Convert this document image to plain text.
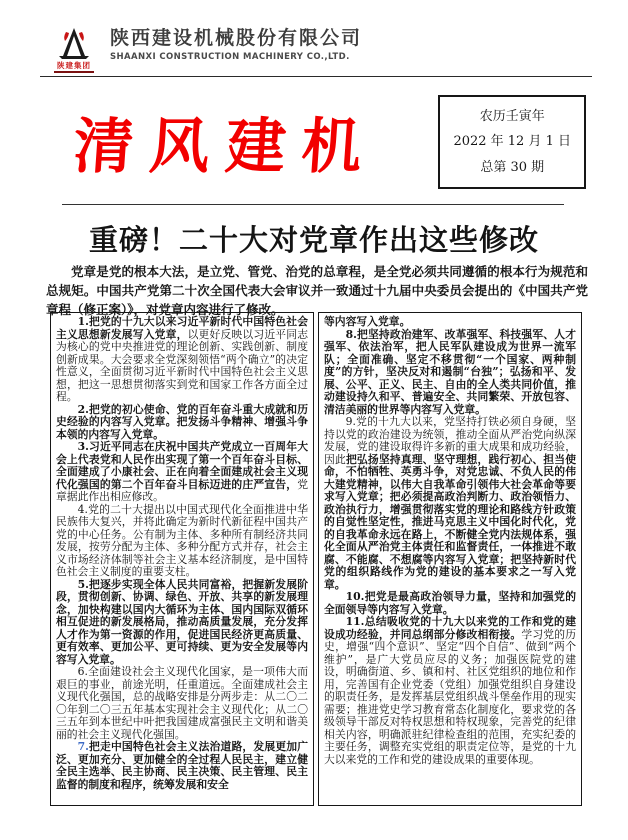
陕建集团
陕西建设机械股份有限公司
SHAANXI CONSTRUCTION MACHINERY CO.,LTD.
清风建机	农历壬寅年
2022 年 12 月 1 日
总第 30 期
重磅！二十大对党章作出这些修改
党章是党的根本大法，是立党、管党、治党的总章程，是全党必须共同遵循的根本行为规范和总规矩。中国共产党第二十次全国代表大会审议并一致通过十九届中央委员会提出的《中国共产党章程（修正案）》，对党章内容进行了修改。

1.把党的十九大以来习近平新时代中国特色社会主义思想新发展写入党章，以更好反映以习近平同志为核心的党中央推进党的理论创新、实践创新、制度创新成果。大会要求全党深刻领悟“两个确立”的决定性意义，全面贯彻习近平新时代中国特色社会主义思想，把这一思想贯彻落实到党和国家工作各方面全过程。

2.把党的初心使命、党的百年奋斗重大成就和历史经验的内容写入党章。把发扬斗争精神、增强斗争本领的内容写入党章。

3.习近平同志在庆祝中国共产党成立一百周年大会上代表党和人民作出实现了第一个百年奋斗目标、全面建成了小康社会、正在向着全面建成社会主义现代化强国的第二个百年奋斗目标迈进的庄严宣告，党章据此作出相应修改。

4.党的二十大提出以中国式现代化全面推进中华民族伟大复兴，并将此确定为新时代新征程中国共产党的中心任务。公有制为主体、多种所有制经济共同发展，按劳分配为主体、多种分配方式并存，社会主义市场经济体制等社会主义基本经济制度，是中国特色社会主义制度的重要支柱。

5.把逐步实现全体人民共同富裕，把握新发展阶段，贯彻创新、协调、绿色、开放、共享的新发展理念，加快构建以国内大循环为主体、国内国际双循环相互促进的新发展格局，推动高质量发展，充分发挥人才作为第一资源的作用，促进国民经济更高质量、更有效率、更加公平、更可持续、更为安全发展等内容写入党章。

6.全面建设社会主义现代化国家，是一项伟大而艰巨的事业，前途光明，任重道远。全面建成社会主义现代化强国，总的战略安排是分两步走：从二〇二〇年到二〇三五年基本实现社会主义现代化；从二〇三五年到本世纪中叶把我国建成富强民主文明和谐美丽的社会主义现代化强国。

7.把走中国特色社会主义法治道路，发展更加广泛、更加充分、更加健全的全过程人民民主，建立健全民主选举、民主协商、民主决策、民主管理、民主监督的制度和程序，统筹发展和安全

等内容写入党章。

8.把坚持政治建军、改革强军、科技强军、人才强军、依法治军，把人民军队建设成为世界一流军队；全面准确、坚定不移贯彻“一个国家、两种制度”的方针，坚决反对和遏制“台独”；弘扬和平、发展、公平、正义、民主、自由的全人类共同价值，推动建设持久和平、普遍安全、共同繁荣、开放包容、清洁美丽的世界等内容写入党章。

9.党的十九大以来，党坚持打铁必须自身硬，坚持以党的政治建设为统领，推动全面从严治党向纵深发展，党的建设取得许多新的重大成果和成功经验，因此把弘扬坚持真理、坚守理想，践行初心、担当使命，不怕牺牲、英勇斗争，对党忠诚、不负人民的伟大建党精神，以伟大自我革命引领伟大社会革命等要求写入党章；把必须提高政治判断力、政治领悟力、政治执行力，增强贯彻落实党的理论和路线方针政策的自觉性坚定性，推进马克思主义中国化时代化，党的自我革命永远在路上，不断健全党内法规体系，强化全面从严治党主体责任和监督责任，一体推进不敢腐、不能腐、不想腐等内容写入党章；把坚持新时代党的组织路线作为党的建设的基本要求之一写入党章。

10.把党是最高政治领导力量，坚持和加强党的全面领导等内容写入党章。

11.总结吸收党的十九大以来党的工作和党的建设成功经验，并同总纲部分修改相衔接。学习党的历史，增强“四个意识”、坚定“四个自信”、做到“两个维护”，是广大党员应尽的义务；加强医院党的建设，明确街道、乡、镇和村、社区党组织的地位和作用，完善国有企业党委（党组）加强党组织自身建设的职责任务，是发挥基层党组织战斗堡垒作用的现实需要；推进党史学习教育常态化制度化，要求党的各级领导干部反对特权思想和特权现象，完善党的纪律相关内容，明确派驻纪律检查组的范围，充实纪委的主要任务，调整充实党组的职责定位等，是党的十九大以来党的工作和党的建设成果的重要体现。
